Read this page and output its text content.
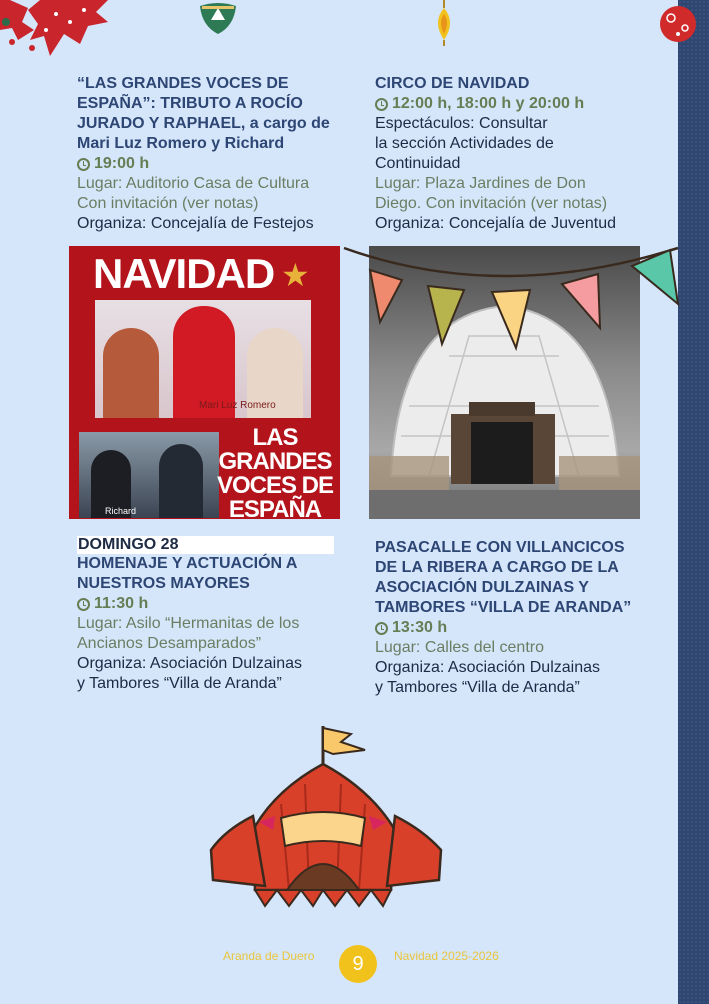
“LAS GRANDES VOCES DE ESPAÑA”: TRIBUTO A ROCÍO JURADO Y RAPHAEL, a cargo de Mari Luz Romero y Richard
19:00 h
Lugar: Auditorio Casa de Cultura
Con invitación (ver notas)
Organiza: Concejalía de Festejos
CIRCO DE NAVIDAD
12:00 h, 18:00 h y 20:00 h
Espectáculos: Consultar
la sección Actividades de
Continuidad
Lugar: Plaza Jardines de Don
Diego. Con invitación (ver notas)
Organiza: Concejalía de Juventud
NAVIDAD ★
Mari Luz Romero
Richard
LAS
GRANDES
VOCES DE
ESPAÑA
DOMINGO 28
HOMENAJE Y ACTUACIÓN A NUESTROS MAYORES
11:30 h
Lugar: Asilo “Hermanitas de los Ancianos Desamparados”
Organiza: Asociación Dulzainas
y Tambores “Villa de Aranda”
PASACALLE CON VILLANCICOS DE LA RIBERA A CARGO DE LA ASOCIACIÓN DULZAINAS Y TAMBORES “VILLA DE ARANDA”
13:30 h
Lugar: Calles del centro
Organiza: Asociación Dulzainas
y Tambores “Villa de Aranda”
Aranda de Duero	9	Navidad 2025-2026
